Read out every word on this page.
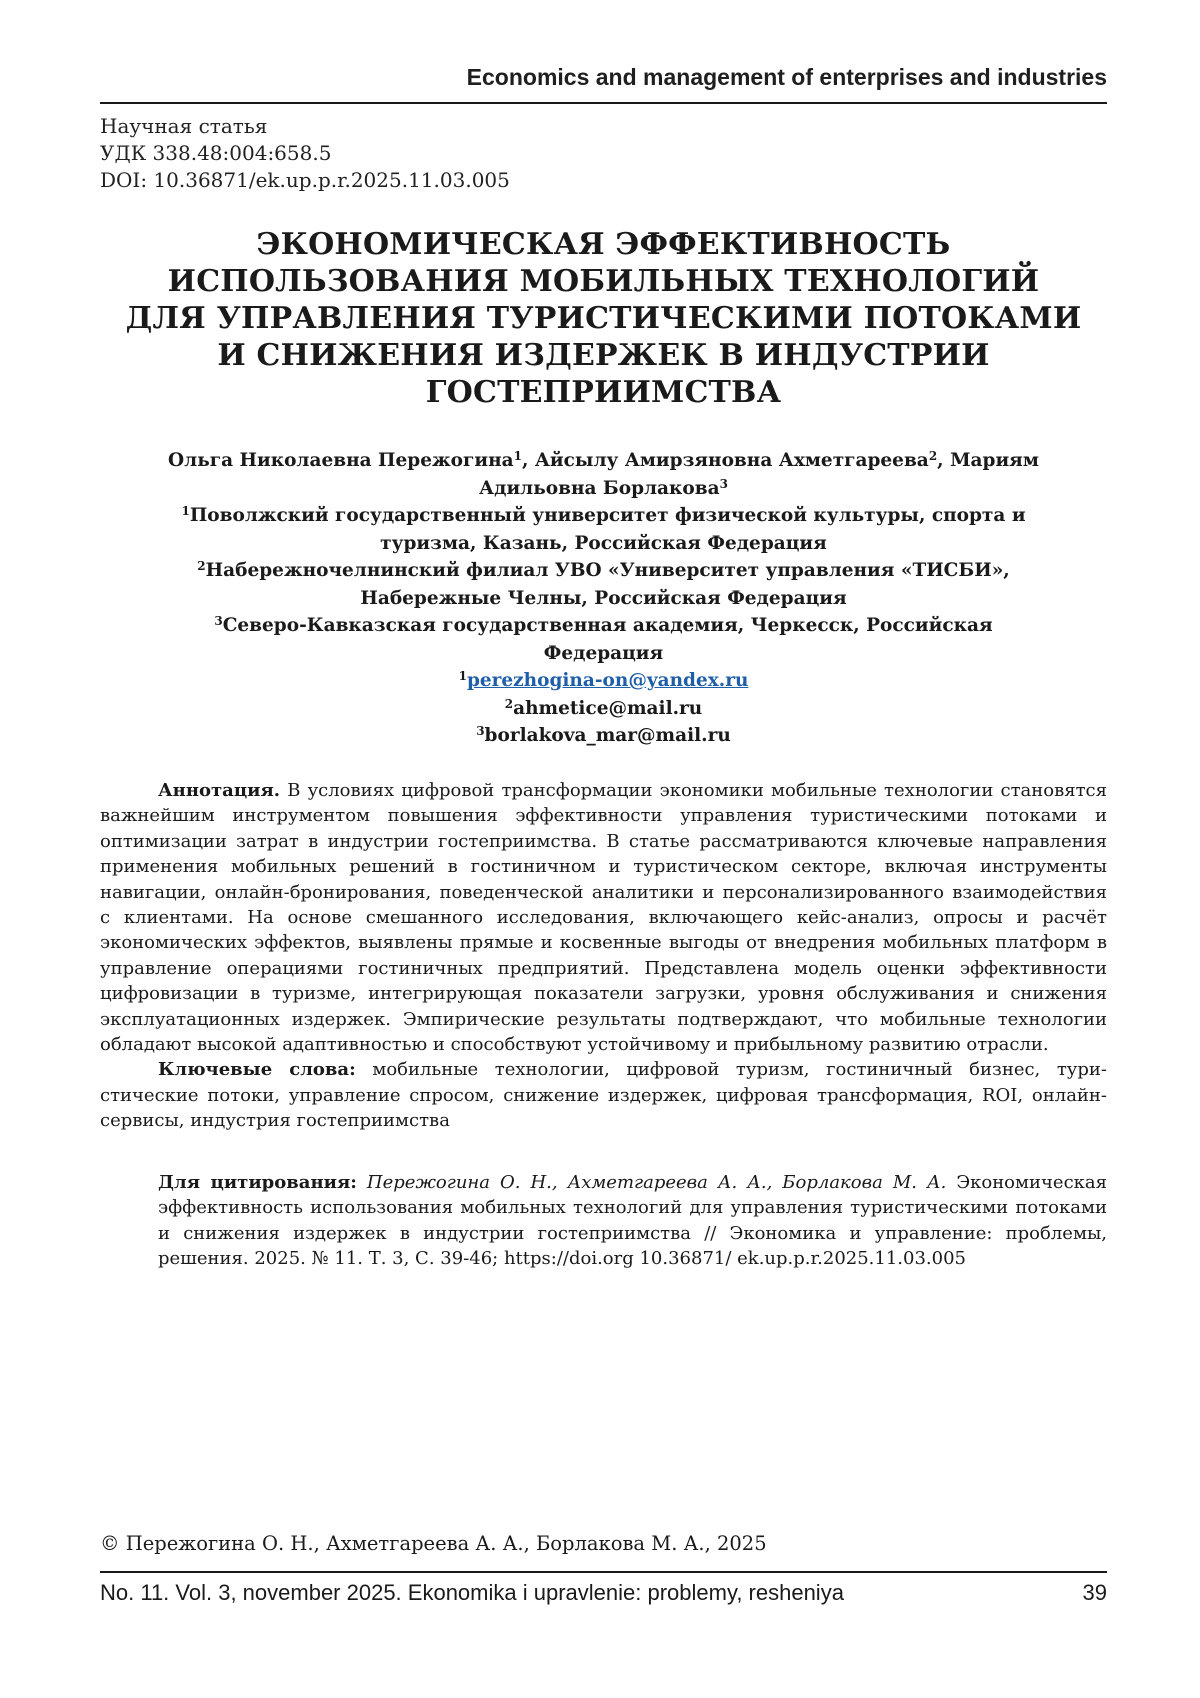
Economics and management of enterprises and industries
Научная статья
УДК 338.48:004:658.5
DOI: 10.36871/ek.up.p.r.2025.11.03.005
ЭКОНОМИЧЕСКАЯ ЭФФЕКТИВНОСТЬ
ИСПОЛЬЗОВАНИЯ МОБИЛЬНЫХ ТЕХНОЛОГИЙ
ДЛЯ УПРАВЛЕНИЯ ТУРИСТИЧЕСКИМИ ПОТОКАМИ
И СНИЖЕНИЯ ИЗДЕРЖЕК В ИНДУСТРИИ
ГОСТЕПРИИМСТВА
Ольга Николаевна Пережогина$^1$, Айсылу Амирзяновна Ахметгареева$^2$, Мариям
Адильовна Борлакова$^3$
$^1$Поволжский государственный университет физической культуры, спорта и
туризма, Казань, Российская Федерация
$^2$Набережночелнинский филиал УВО «Университет управления «ТИСБИ»,
Набережные Челны, Российская Федерация
$^3$Северо-Кавказская государственная академия, Черкесск, Российская
Федерация
$^1$perezhogina-on@yandex.ru
$^2$ahmetice@mail.ru
$^3$borlakova_mar@mail.ru

Аннотация. В условиях цифровой трансформации экономики мобильные технологии становятся важнейшим инструментом повышения эффективности управления туристическими потоками и оптимизации затрат в индустрии гостеприимства. В статье рассматриваются ключевые направления применения мобильных решений в гостиничном и туристическом секторе, включая инструменты навигации, онлайн-бронирования, поведенческой аналитики и персонализированного взаимодействия с клиентами. На основе смешанного исследования, включающего кейс-анализ, опросы и расчёт экономических эффектов, выявлены прямые и косвенные выгоды от внедрения мобильных платформ в управление операциями гостиничных предприятий. Представлена модель оценки эффективности цифровизации в туризме, интегрирующая показатели загрузки, уровня обслуживания и снижения эксплуатационных издержек. Эмпирические результаты подтверждают, что мобильные технологии обладают высокой адаптивностью и способствуют устойчивому и прибыльному развитию отрасли.

Ключевые слова: мобильные технологии, цифровой туризм, гостиничный бизнес, туристические потоки, управление спросом, снижение издержек, цифровая трансформация, ROI, онлайн-сервисы, индустрия гостеприимства

Для цитирования: Пережогина О. Н., Ахметгареева А. А., Борлакова М. А. Экономическая эффективность использования мобильных технологий для управления туристическими потоками и снижения издержек в индустрии гостеприимства // Экономика и управление: проблемы, решения. 2025. № 11. Т. 3, С. 39-46; https://doi.org 10.36871/ ek.up.p.r.2025.11.03.005
© Пережогина О. Н., Ахметгареева А. А., Борлакова М. А., 2025
No. 11. Vol. 3, november 2025. Ekonomika i upravlenie: problemy, resheniya	39
